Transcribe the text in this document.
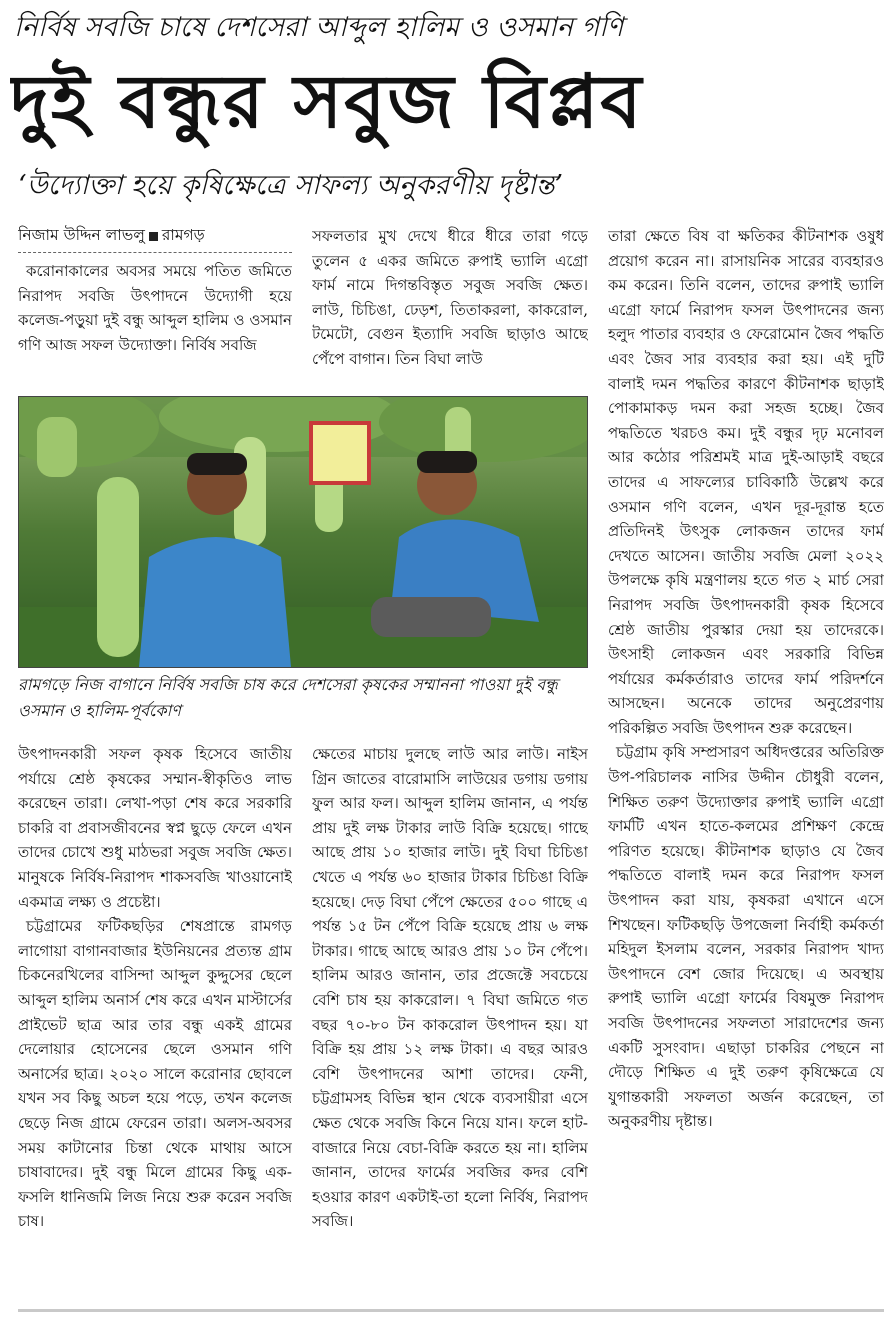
নির্বিষ সবজি চাষে দেশসেরা আব্দুল হালিম ও ওসমান গণি
দুই বন্ধুর সবুজ বিপ্লব
‘উদ্যোক্তা হয়ে কৃষিক্ষেত্রে সাফল্য অনুকরণীয় দৃষ্টান্ত’
নিজাম উদ্দিন লাভলু রামগড়

করোনাকালের অবসর সময়ে পতিত জমিতে নিরাপদ সবজি উৎপাদনে উদ্যোগী হয়ে কলেজ-পড়ুয়া দুই বন্ধু আব্দুল হালিম ও ওসমান গণি আজ সফল উদ্যোক্তা। নির্বিষ সবজি

সফলতার মুখ দেখে ধীরে ধীরে তারা গড়ে তুলেন ৫ একর জমিতে রুপাই ভ্যালি এগ্রো ফার্ম নামে দিগন্তবিস্তৃত সবুজ সবজি ক্ষেত। লাউ, চিচিঙা, ঢেড়শ, তিতাকরলা, কাকরোল, টমেটো, বেগুন ইত্যাদি সবজি ছাড়াও আছে পেঁপে বাগান। তিন বিঘা লাউ

তারা ক্ষেতে বিষ বা ক্ষতিকর কীটনাশক ওষুধ প্রয়োগ করেন না। রাসায়নিক সারের ব্যবহারও কম করেন। তিনি বলেন, তাদের রুপাই ভ্যালি এগ্রো ফার্মে নিরাপদ ফসল উৎপাদনের জন্য হলুদ পাতার ব্যবহার ও ফেরোমোন জৈব পদ্ধতি এবং জৈব সার ব্যবহার করা হয়। এই দুটি বালাই দমন পদ্ধতির কারণে কীটনাশক ছাড়াই পোকামাকড় দমন করা সহজ হচ্ছে। জৈব পদ্ধতিতে খরচও কম। দুই বন্ধুর দৃঢ় মনোবল আর কঠোর পরিশ্রমই মাত্র দুই-আড়াই বছরে তাদের এ সাফল্যের চাবিকাঠি উল্লেখ করে ওসমান গণি বলেন, এখন দূর-দূরান্ত হতে প্রতিদিনই উৎসুক লোকজন তাদের ফার্ম দেখতে আসেন। জাতীয় সবজি মেলা ২০২২ উপলক্ষে কৃষি মন্ত্রণালয় হতে গত ২ মার্চ সেরা নিরাপদ সবজি উৎপাদনকারী কৃষক হিসেবে শ্রেষ্ঠ জাতীয় পুরস্কার দেয়া হয় তাদেরকে। উৎসাহী লোকজন এবং সরকারি বিভিন্ন পর্যায়ের কর্মকর্তারাও তাদের ফার্ম পরিদর্শনে আসছেন। অনেকে তাদের অনুপ্রেরণায় পরিকল্পিত সবজি উৎপাদন শুরু করেছেন।

চট্টগ্রাম কৃষি সম্প্রসারণ অধিদপ্তরের অতিরিক্ত উপ-পরিচালক নাসির উদ্দীন চৌধুরী বলেন, শিক্ষিত তরুণ উদ্যোক্তার রুপাই ভ্যালি এগ্রো ফার্মটি এখন হাতে-কলমের প্রশিক্ষণ কেন্দ্রে পরিণত হয়েছে। কীটনাশক ছাড়াও যে জৈব পদ্ধতিতে বালাই দমন করে নিরাপদ ফসল উৎপাদন করা যায়, কৃষকরা এখানে এসে শিখছেন। ফটিকছড়ি উপজেলা নির্বাহী কর্মকর্তা মহিদুল ইসলাম বলেন, সরকার নিরাপদ খাদ্য উৎপাদনে বেশ জোর দিয়েছে। এ অবস্থায় রুপাই ভ্যালি এগ্রো ফার্মের বিষমুক্ত নিরাপদ সবজি উৎপাদনের সফলতা সারাদেশের জন্য একটি সুসংবাদ। এছাড়া চাকরির পেছনে না দৌড়ে শিক্ষিত এ দুই তরুণ কৃষিক্ষেত্রে যে যুগান্তকারী সফলতা অর্জন করেছেন, তা অনুকরণীয় দৃষ্টান্ত।

রামগড়ে নিজ বাগানে নির্বিষ সবজি চাষ করে দেশসেরা কৃষকের সম্মাননা পাওয়া দুই বন্ধু ওসমান ও হালিম-পূর্বকোণ

উৎপাদনকারী সফল কৃষক হিসেবে জাতীয় পর্যায়ে শ্রেষ্ঠ কৃষকের সম্মান-স্বীকৃতিও লাভ করেছেন তারা। লেখা-পড়া শেষ করে সরকারি চাকরি বা প্রবাসজীবনের স্বপ্ন ছুড়ে ফেলে এখন তাদের চোখে শুধু মাঠভরা সবুজ সবজি ক্ষেত। মানুষকে নির্বিষ-নিরাপদ শাকসবজি খাওয়ানোই একমাত্র লক্ষ্য ও প্রচেষ্টা।

চট্টগ্রামের ফটিকছড়ির শেষপ্রান্তে রামগড় লাগোয়া বাগানবাজার ইউনিয়নের প্রত্যন্ত গ্রাম চিকনেরখিলের বাসিন্দা আব্দুল কুদ্দুসের ছেলে আব্দুল হালিম অনার্স শেষ করে এখন মাস্টার্সের প্রাইভেট ছাত্র আর তার বন্ধু একই গ্রামের দেলোয়ার হোসেনের ছেলে ওসমান গণি অনার্সের ছাত্র। ২০২০ সালে করোনার ছোবলে যখন সব কিছু অচল হয়ে পড়ে, তখন কলেজ ছেড়ে নিজ গ্রামে ফেরেন তারা। অলস-অবসর সময় কাটানোর চিন্তা থেকে মাথায় আসে চাষাবাদের। দুই বন্ধু মিলে গ্রামের কিছু এক-ফসলি ধানিজমি লিজ নিয়ে শুরু করেন সবজি চাষ।

ক্ষেতের মাচায় দুলছে লাউ আর লাউ। নাইস গ্রিন জাতের বারোমাসি লাউয়ের ডগায় ডগায় ফুল আর ফল। আব্দুল হালিম জানান, এ পর্যন্ত প্রায় দুই লক্ষ টাকার লাউ বিক্রি হয়েছে। গাছে আছে প্রায় ১০ হাজার লাউ। দুই বিঘা চিচিঙা খেতে এ পর্যন্ত ৬০ হাজার টাকার চিচিঙা বিক্রি হয়েছে। দেড় বিঘা পেঁপে ক্ষেতের ৫০০ গাছে এ পর্যন্ত ১৫ টন পেঁপে বিক্রি হয়েছে প্রায় ৬ লক্ষ টাকার। গাছে আছে আরও প্রায় ১০ টন পেঁপে। হালিম আরও জানান, তার প্রজেক্টে সবচেয়ে বেশি চাষ হয় কাকরোল। ৭ বিঘা জমিতে গত বছর ৭০-৮০ টন কাকরোল উৎপাদন হয়। যা বিক্রি হয় প্রায় ১২ লক্ষ টাকা। এ বছর আরও বেশি উৎপাদনের আশা তাদের। ফেনী, চট্টগ্রামসহ বিভিন্ন স্থান থেকে ব্যবসায়ীরা এসে ক্ষেত থেকে সবজি কিনে নিয়ে যান। ফলে হাট-বাজারে নিয়ে বেচা-বিক্রি করতে হয় না। হালিম জানান, তাদের ফার্মের সবজির কদর বেশি হওয়ার কারণ একটাই-তা হলো নির্বিষ, নিরাপদ সবজি।
